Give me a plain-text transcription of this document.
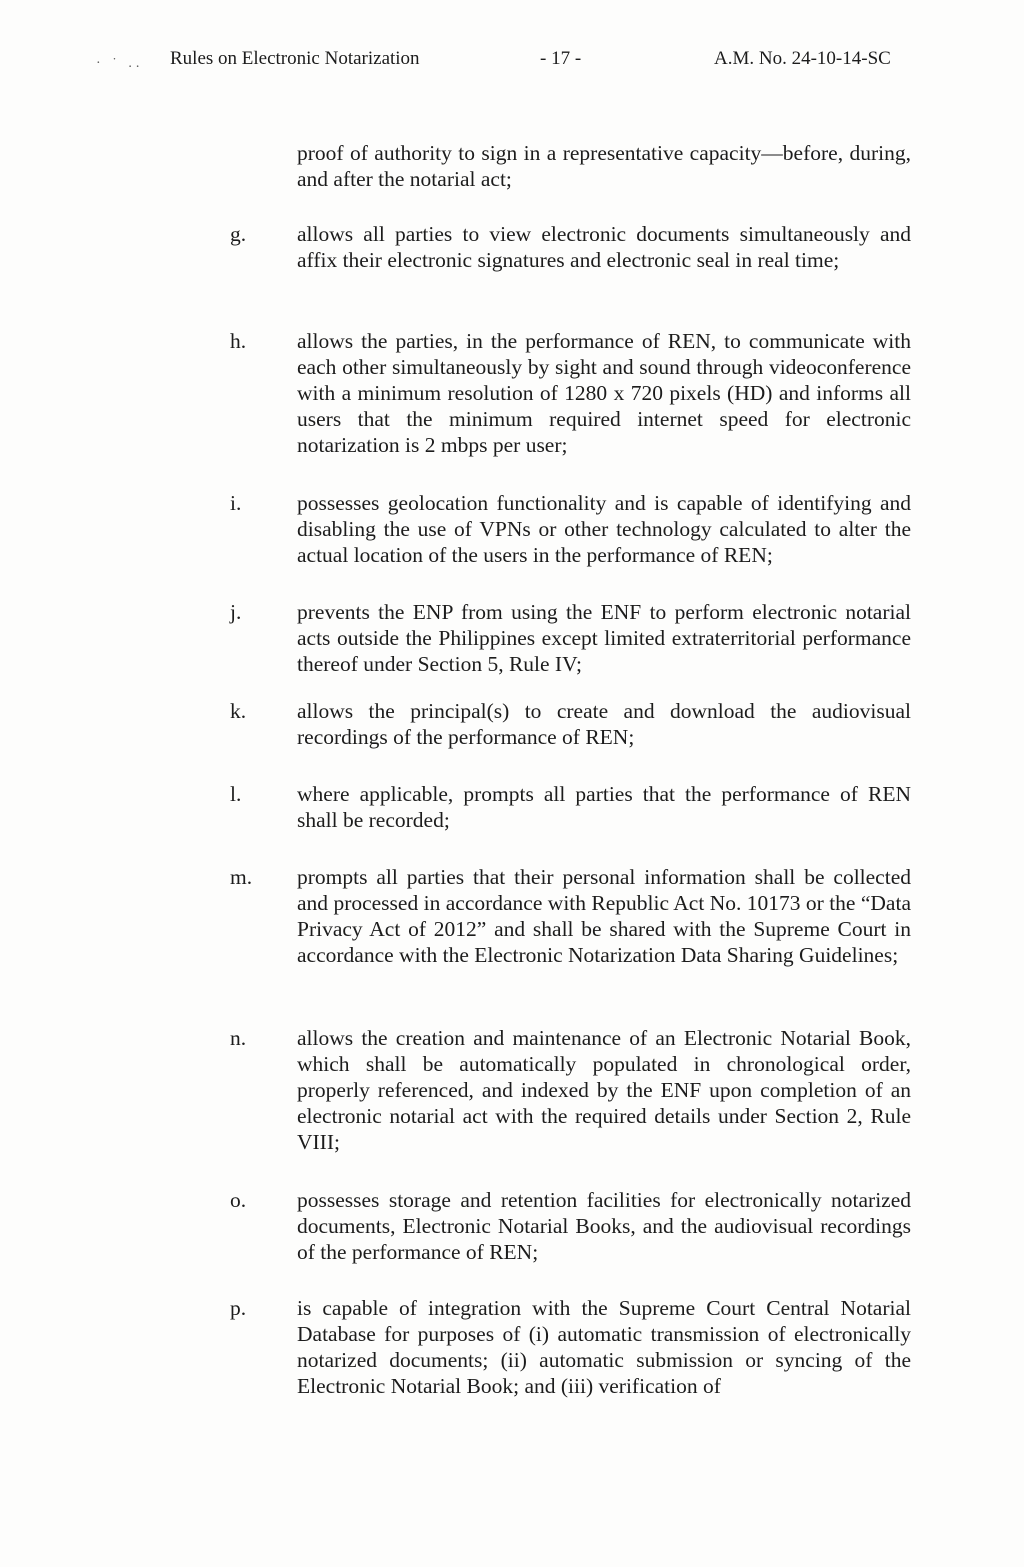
· ˙ .. Rules on Electronic Notarization	- 17 -	A.M. No. 24-10-14-SC
proof of authority to sign in a representative capacity—before, during, and after the notarial act;
g. allows all parties to view electronic documents simultaneously and affix their electronic signatures and electronic seal in real time;
h. allows the parties, in the performance of REN, to communicate with each other simultaneously by sight and sound through videoconference with a minimum resolution of 1280 x 720 pixels (HD) and informs all users that the minimum required internet speed for electronic notarization is 2 mbps per user;
i.	possesses geolocation functionality and is capable of identifying and disabling the use of VPNs or other technology calculated to alter the actual location of the users in the performance of REN;
j.	prevents the ENP from using the ENF to perform electronic notarial acts outside the Philippines except limited extraterritorial performance thereof under Section 5, Rule IV;
k. allows the principal(s) to create and download the audiovisual recordings of the performance of REN;
l.	where applicable, prompts all parties that the performance of REN shall be recorded;
m. prompts all parties that their personal information shall be collected and processed in accordance with Republic Act No. 10173 or the “Data Privacy Act of 2012” and shall be shared with the Supreme Court in accordance with the Electronic Notarization Data Sharing Guidelines;
n. allows the creation and maintenance of an Electronic Notarial Book, which shall be automatically populated in chronological order, properly referenced, and indexed by the ENF upon completion of an electronic notarial act with the required details under Section 2, Rule VIII;
o. possesses storage and retention facilities for electronically notarized documents, Electronic Notarial Books, and the audiovisual recordings of the performance of REN;
p. is capable of integration with the Supreme Court Central Notarial Database for purposes of (i) automatic transmission of electronically notarized documents; (ii) automatic submission or syncing of the Electronic Notarial Book; and (iii) verification of
